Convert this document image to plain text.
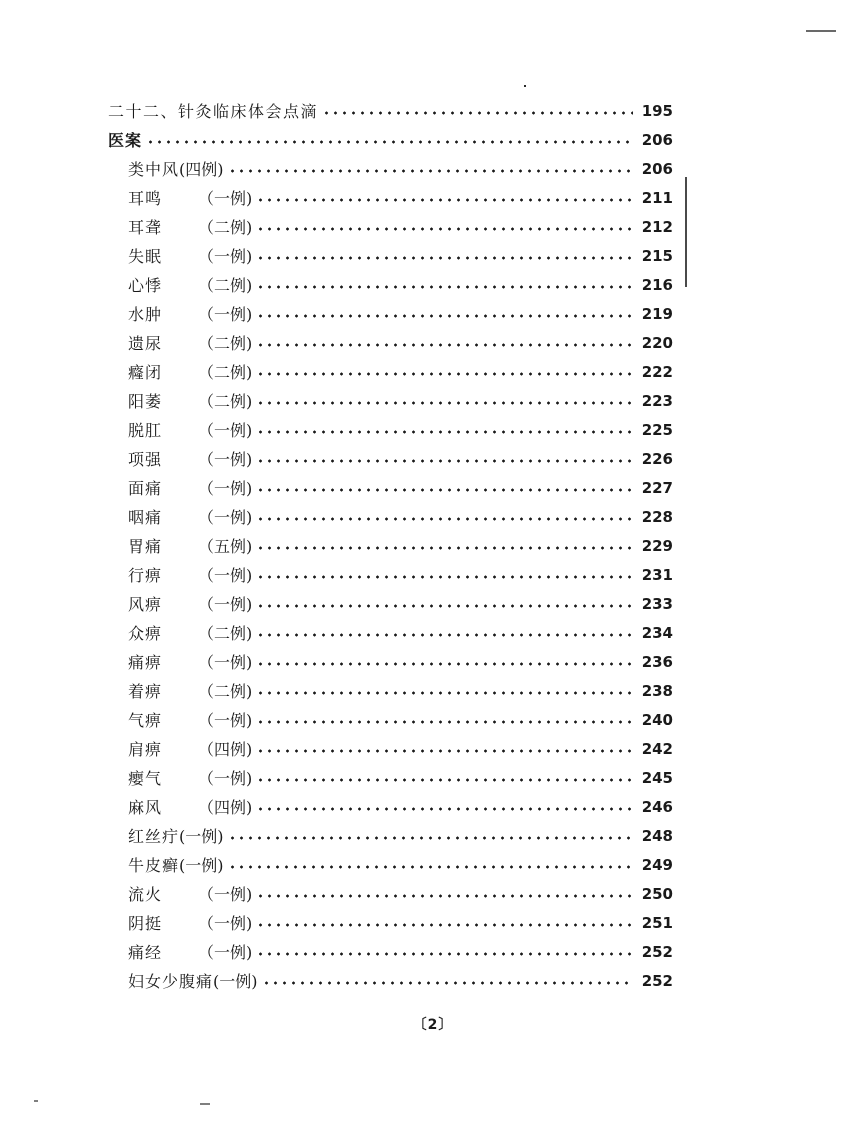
二十二、针灸临床体会点滴	195
医案	206
类中风 (四例)	206
耳鸣	（一例)	211
耳聋	（二例)	212
失眠	（一例)	215
心悸	（二例)	216
水肿	（一例)	219
遗尿	（二例)	220
癃闭	（二例)	222
阳萎	（二例)	223
脱肛	（一例)	225
项强	（一例)	226
面痛	（一例)	227
咽痛	（一例)	228
胃痛	（五例)	229
行痹	（一例)	231
风痹	（一例)	233
众痹	（二例)	234
痛痹	（一例)	236
着痹	（二例)	238
气痹	（一例)	240
肩痹	（四例)	242
瘿气	（一例)	245
麻风	（四例)	246
红丝疔 (一例)	248
牛皮癣 (一例)	249
流火	（一例)	250
阴挺	（一例)	251
痛经	（一例)	252
妇女少腹痛 (一例)	252
〔2〕
